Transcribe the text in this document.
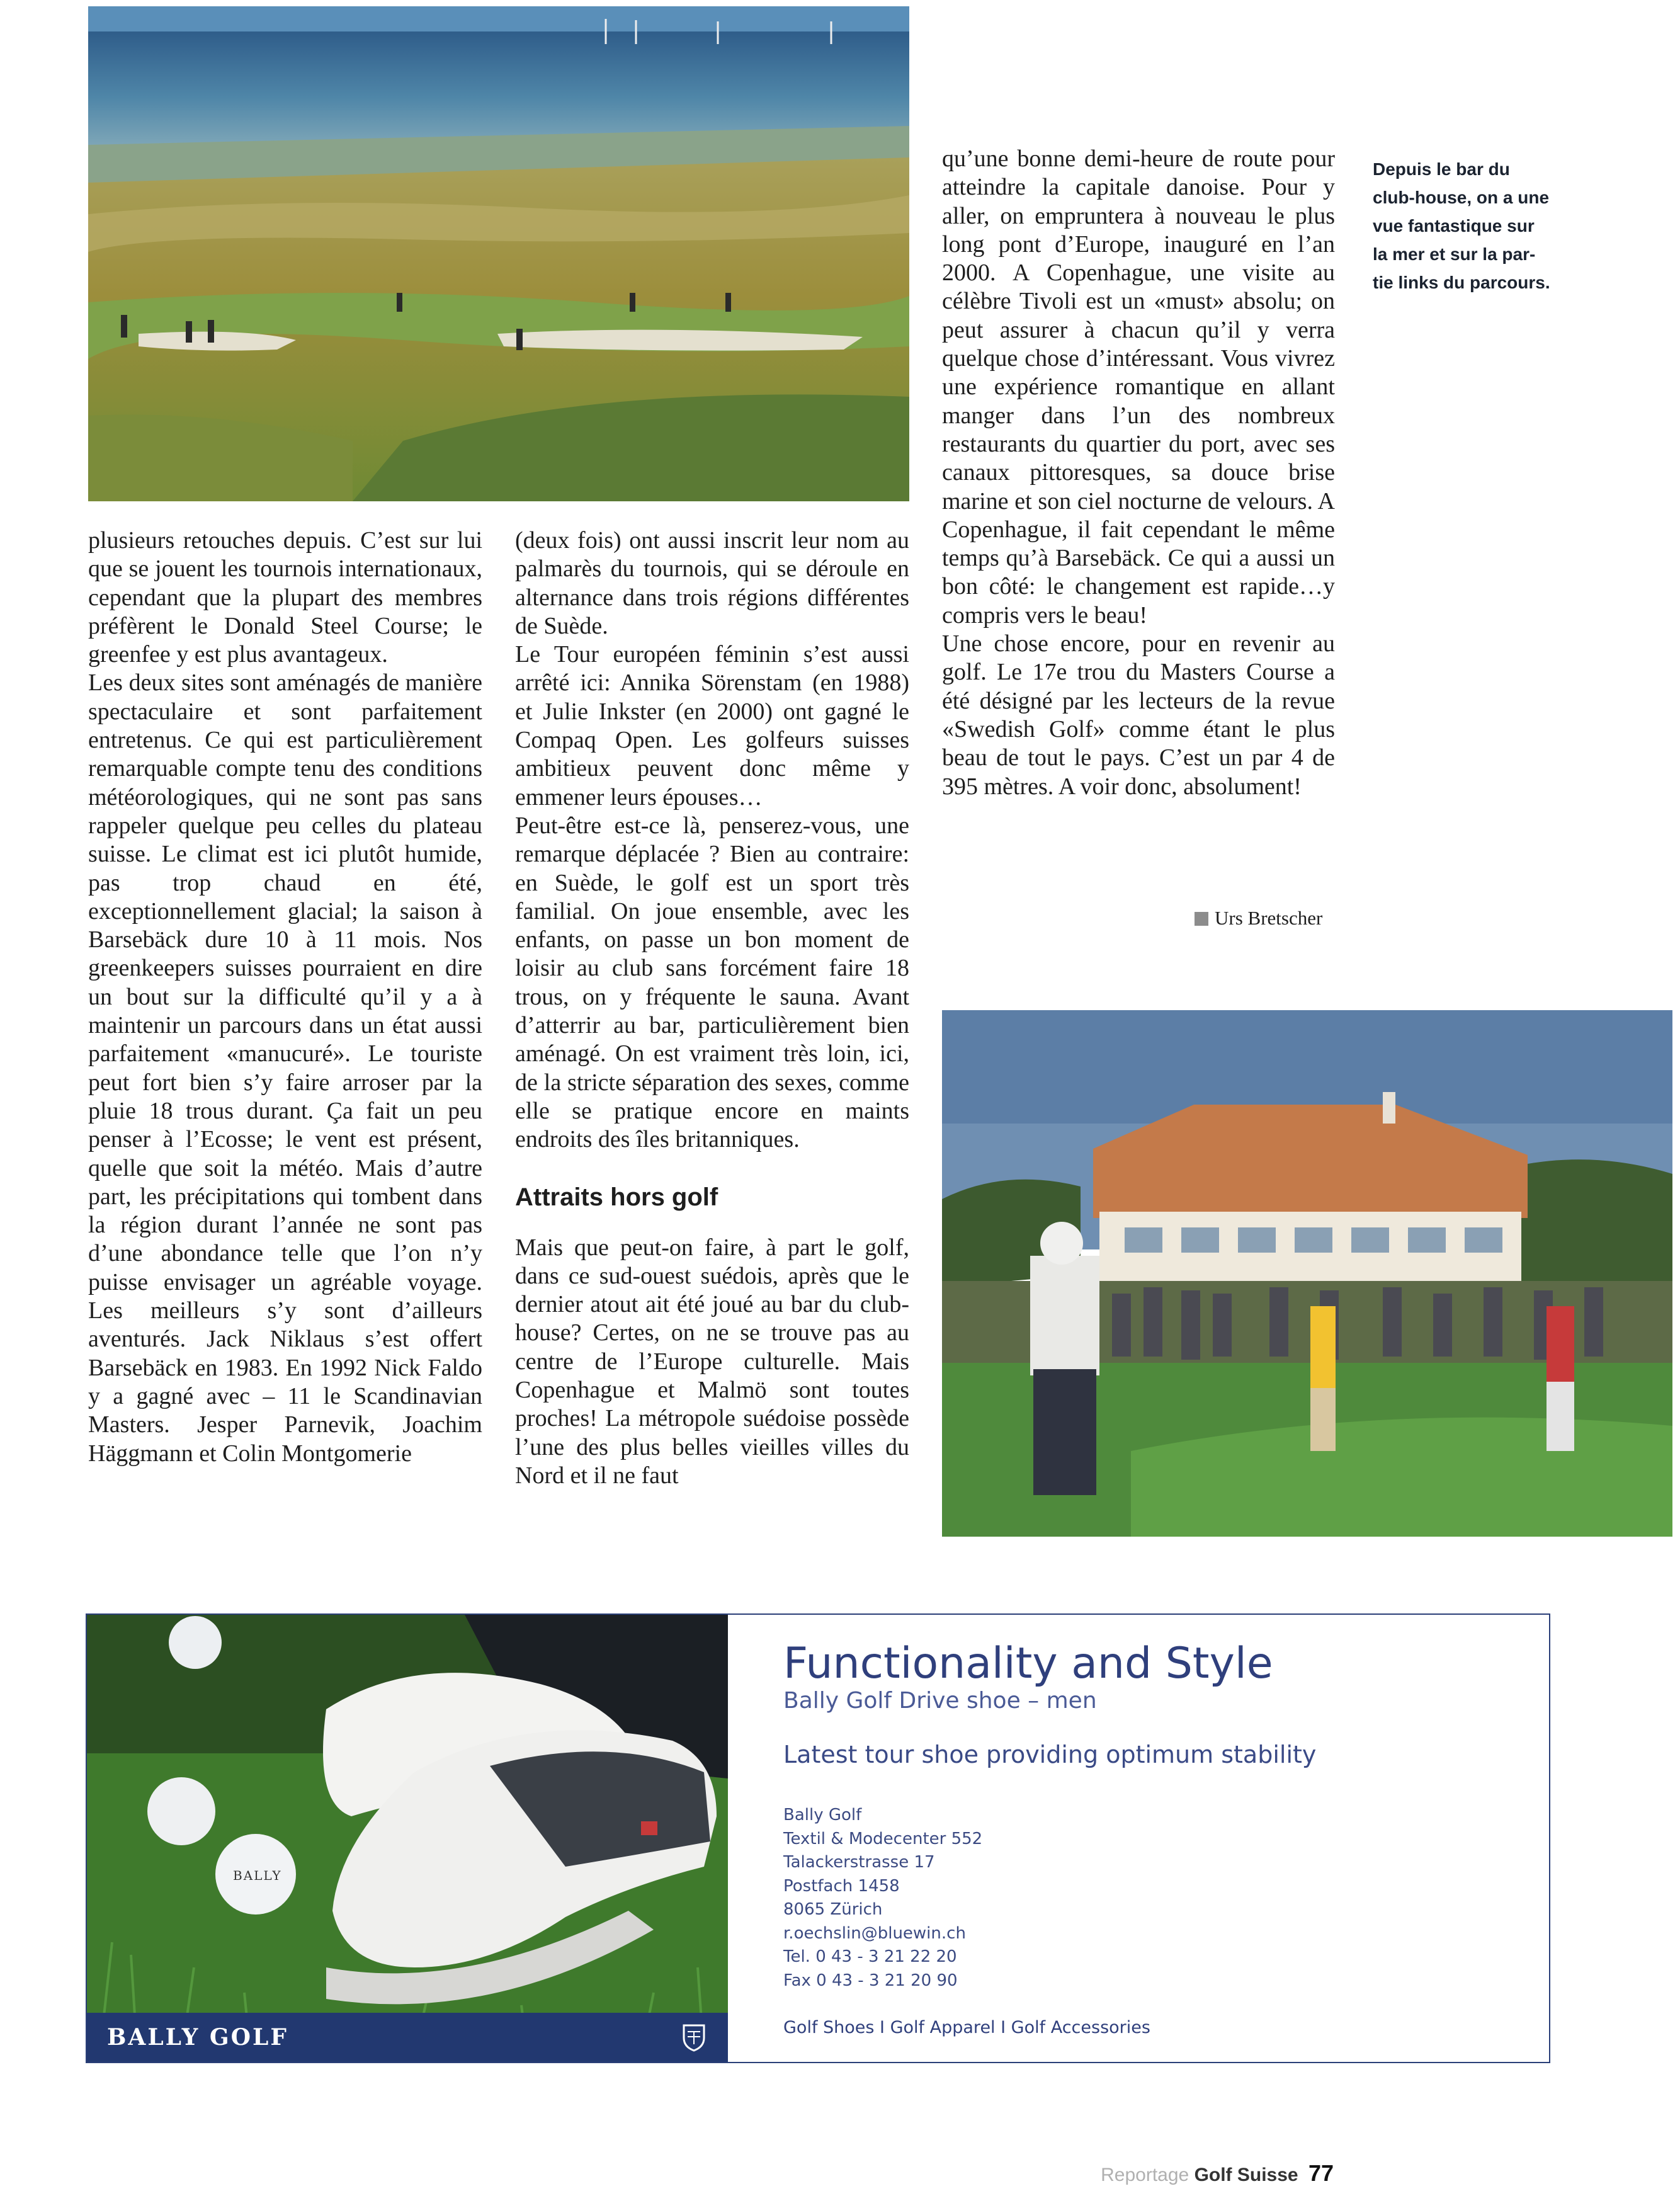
plusieurs retouches depuis. C’est sur lui que se jouent les tournois internationaux, cependant que la plupart des membres préfèrent le Donald Steel Course; le greenfee y est plus avantageux.

Les deux sites sont aménagés de manière spectaculaire et sont parfaitement entretenus. Ce qui est particulièrement remarquable compte tenu des conditions météorologiques, qui ne sont pas sans rappeler quelque peu celles du plateau suisse. Le climat est ici plutôt humide, pas trop chaud en été, exceptionnellement glacial; la saison à Barsebäck dure 10 à 11 mois. Nos greenkeepers suisses pourraient en dire un bout sur la difficulté qu’il y a à maintenir un parcours dans un état aussi parfaitement «manucuré». Le touriste peut fort bien s’y faire arroser par la pluie 18 trous durant. Ça fait un peu penser à l’Ecosse; le vent est présent, quelle que soit la météo. Mais d’autre part, les précipitations qui tombent dans la région durant l’année ne sont pas d’une abondance telle que l’on n’y puisse envisager un agréable voyage. Les meilleurs s’y sont d’ailleurs aventurés. Jack Niklaus s’est offert Barsebäck en 1983. En 1992 Nick Faldo y a gagné avec – 11 le Scandinavian Masters. Jesper Parnevik, Joachim Häggmann et Colin Montgomerie

(deux fois) ont aussi inscrit leur nom au palmarès du tournois, qui se déroule en alternance dans trois régions différentes de Suède.

Le Tour européen féminin s’est aussi arrêté ici: Annika Sörenstam (en 1988) et Julie Inkster (en 2000) ont gagné le Compaq Open. Les golfeurs suisses ambitieux peuvent donc même y emmener leurs épouses…

Peut-être est-ce là, penserez-vous, une remarque déplacée ? Bien au contraire: en Suède, le golf est un sport très familial. On joue ensemble, avec les enfants, on passe un bon moment de loisir au club sans forcément faire 18 trous, on y fréquente le sauna. Avant d’atterrir au bar, particulièrement bien aménagé. On est vraiment très loin, ici, de la stricte séparation des sexes, comme elle se pratique encore en maints endroits des îles britanniques.

Attraits hors golf

Mais que peut-on faire, à part le golf, dans ce sud-ouest suédois, après que le dernier atout ait été joué au bar du club-house? Certes, on ne se trouve pas au centre de l’Europe culturelle. Mais Copenhague et Malmö sont toutes proches! La métropole suédoise possède l’une des plus belles vieilles villes du Nord et il ne faut

qu’une bonne demi-heure de route pour atteindre la capitale danoise. Pour y aller, on empruntera à nouveau le plus long pont d’Europe, inauguré en l’an 2000. A Copenhague, une visite au célèbre Tivoli est un «must» absolu; on peut assurer à chacun qu’il y verra quelque chose d’intéressant. Vous vivrez une expérience romantique en allant manger dans l’un des nombreux restaurants du quartier du port, avec ses canaux pittoresques, sa douce brise marine et son ciel nocturne de velours. A Copenhague, il fait cependant le même temps qu’à Barsebäck. Ce qui a aussi un bon côté: le changement est rapide…y compris vers le beau!

Une chose encore, pour en revenir au golf. Le 17e trou du Masters Course a été désigné par les lecteurs de la revue «Swedish Golf» comme étant le plus beau de tout le pays. C’est un par 4 de 395 mètres. A voir donc, absolument!

Depuis le bar du
club-house, on a une
vue fantastique sur
la mer et sur la par-
tie links du parcours.
Urs Bretscher
BALLY
BALLY GOLF
Functionality and Style
Bally Golf Drive shoe – men
Latest tour shoe providing optimum stability
Bally Golf
Textil & Modecenter 552
Talackerstrasse 17
Postfach 1458
8065 Zürich
r.oechslin@bluewin.ch
Tel. 0 43 - 3 21 22 20
Fax 0 43 - 3 21 20 90
Golf Shoes I Golf Apparel I Golf Accessories
Reportage Golf Suisse 77
